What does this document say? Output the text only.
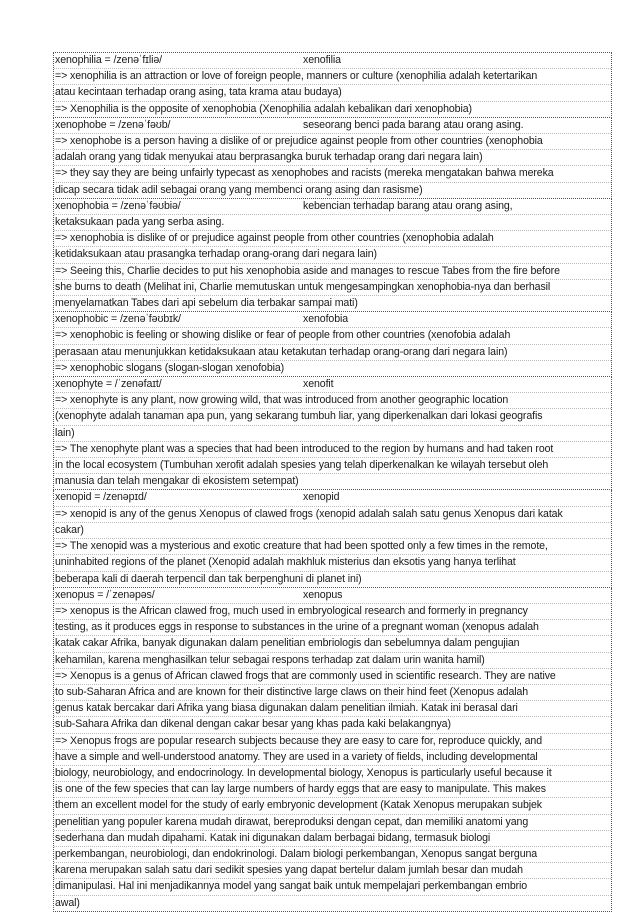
xenophilia = /zenəˈfɪliə/	xenofilia
=> xenophilia is an attraction or love of foreign people, manners or culture (xenophilia adalah ketertarikan
atau kecintaan terhadap orang asing, tata krama atau budaya)
=> Xenophilia is the opposite of xenophobia (Xenophilia adalah kebalikan dari xenophobia)
xenophobe = /zenəˈfəʊb/	seseorang benci pada barang atau orang asing.
=> xenophobe is a person having a dislike of or prejudice against people from other countries (xenophobia
adalah orang yang tidak menyukai atau berprasangka buruk terhadap orang dari negara lain)
=> they say they are being unfairly typecast as xenophobes and racists (mereka mengatakan bahwa mereka
dicap secara tidak adil sebagai orang yang membenci orang asing dan rasisme)
xenophobia = /zenəˈfəʊbiə/	kebencian terhadap barang atau orang asing,
ketaksukaan pada yang serba asing.
=> xenophobia is dislike of or prejudice against people from other countries (xenophobia adalah
ketidaksukaan atau prasangka terhadap orang-orang dari negara lain)
=> Seeing this, Charlie decides to put his xenophobia aside and manages to rescue Tabes from the fire before
she burns to death (Melihat ini, Charlie memutuskan untuk mengesampingkan xenophobia-nya dan berhasil
menyelamatkan Tabes dari api sebelum dia terbakar sampai mati)
xenophobic = /zenəˈfəʊbɪk/	xenofobia
=> xenophobic is feeling or showing dislike or fear of people from other countries (xenofobia adalah
perasaan atau menunjukkan ketidaksukaan atau ketakutan terhadap orang-orang dari negara lain)
=> xenophobic slogans (slogan-slogan xenofobia)
xenophyte = /ˈzenəfaɪt/	xenofit
=> xenophyte is any plant, now growing wild, that was introduced from another geographic location
(xenophyte adalah tanaman apa pun, yang sekarang tumbuh liar, yang diperkenalkan dari lokasi geografis
lain)
=> The xenophyte plant was a species that had been introduced to the region by humans and had taken root
in the local ecosystem (Tumbuhan xerofit adalah spesies yang telah diperkenalkan ke wilayah tersebut oleh
manusia dan telah mengakar di ekosistem setempat)
xenopid = /zenəpɪd/	xenopid
=> xenopid is any of the genus Xenopus of clawed frogs (xenopid adalah salah satu genus Xenopus dari katak
cakar)
=> The xenopid was a mysterious and exotic creature that had been spotted only a few times in the remote,
uninhabited regions of the planet (Xenopid adalah makhluk misterius dan eksotis yang hanya terlihat
beberapa kali di daerah terpencil dan tak berpenghuni di planet ini)
xenopus = /ˈzenəpəs/	xenopus
=> xenopus is the African clawed frog, much used in embryological research and formerly in pregnancy
testing, as it produces eggs in response to substances in the urine of a pregnant woman (xenopus adalah
katak cakar Afrika, banyak digunakan dalam penelitian embriologis dan sebelumnya dalam pengujian
kehamilan, karena menghasilkan telur sebagai respons terhadap zat dalam urin wanita hamil)
=> Xenopus is a genus of African clawed frogs that are commonly used in scientific research. They are native
to sub-Saharan Africa and are known for their distinctive large claws on their hind feet (Xenopus adalah
genus katak bercakar dari Afrika yang biasa digunakan dalam penelitian ilmiah. Katak ini berasal dari
sub-Sahara Afrika dan dikenal dengan cakar besar yang khas pada kaki belakangnya)
=> Xenopus frogs are popular research subjects because they are easy to care for, reproduce quickly, and
have a simple and well-understood anatomy. They are used in a variety of fields, including developmental
biology, neurobiology, and endocrinology. In developmental biology, Xenopus is particularly useful because it
is one of the few species that can lay large numbers of hardy eggs that are easy to manipulate. This makes
them an excellent model for the study of early embryonic development (Katak Xenopus merupakan subjek
penelitian yang populer karena mudah dirawat, bereproduksi dengan cepat, dan memiliki anatomi yang
sederhana dan mudah dipahami. Katak ini digunakan dalam berbagai bidang, termasuk biologi
perkembangan, neurobiologi, dan endokrinologi. Dalam biologi perkembangan, Xenopus sangat berguna
karena merupakan salah satu dari sedikit spesies yang dapat bertelur dalam jumlah besar dan mudah
dimanipulasi. Hal ini menjadikannya model yang sangat baik untuk mempelajari perkembangan embrio
awal)
